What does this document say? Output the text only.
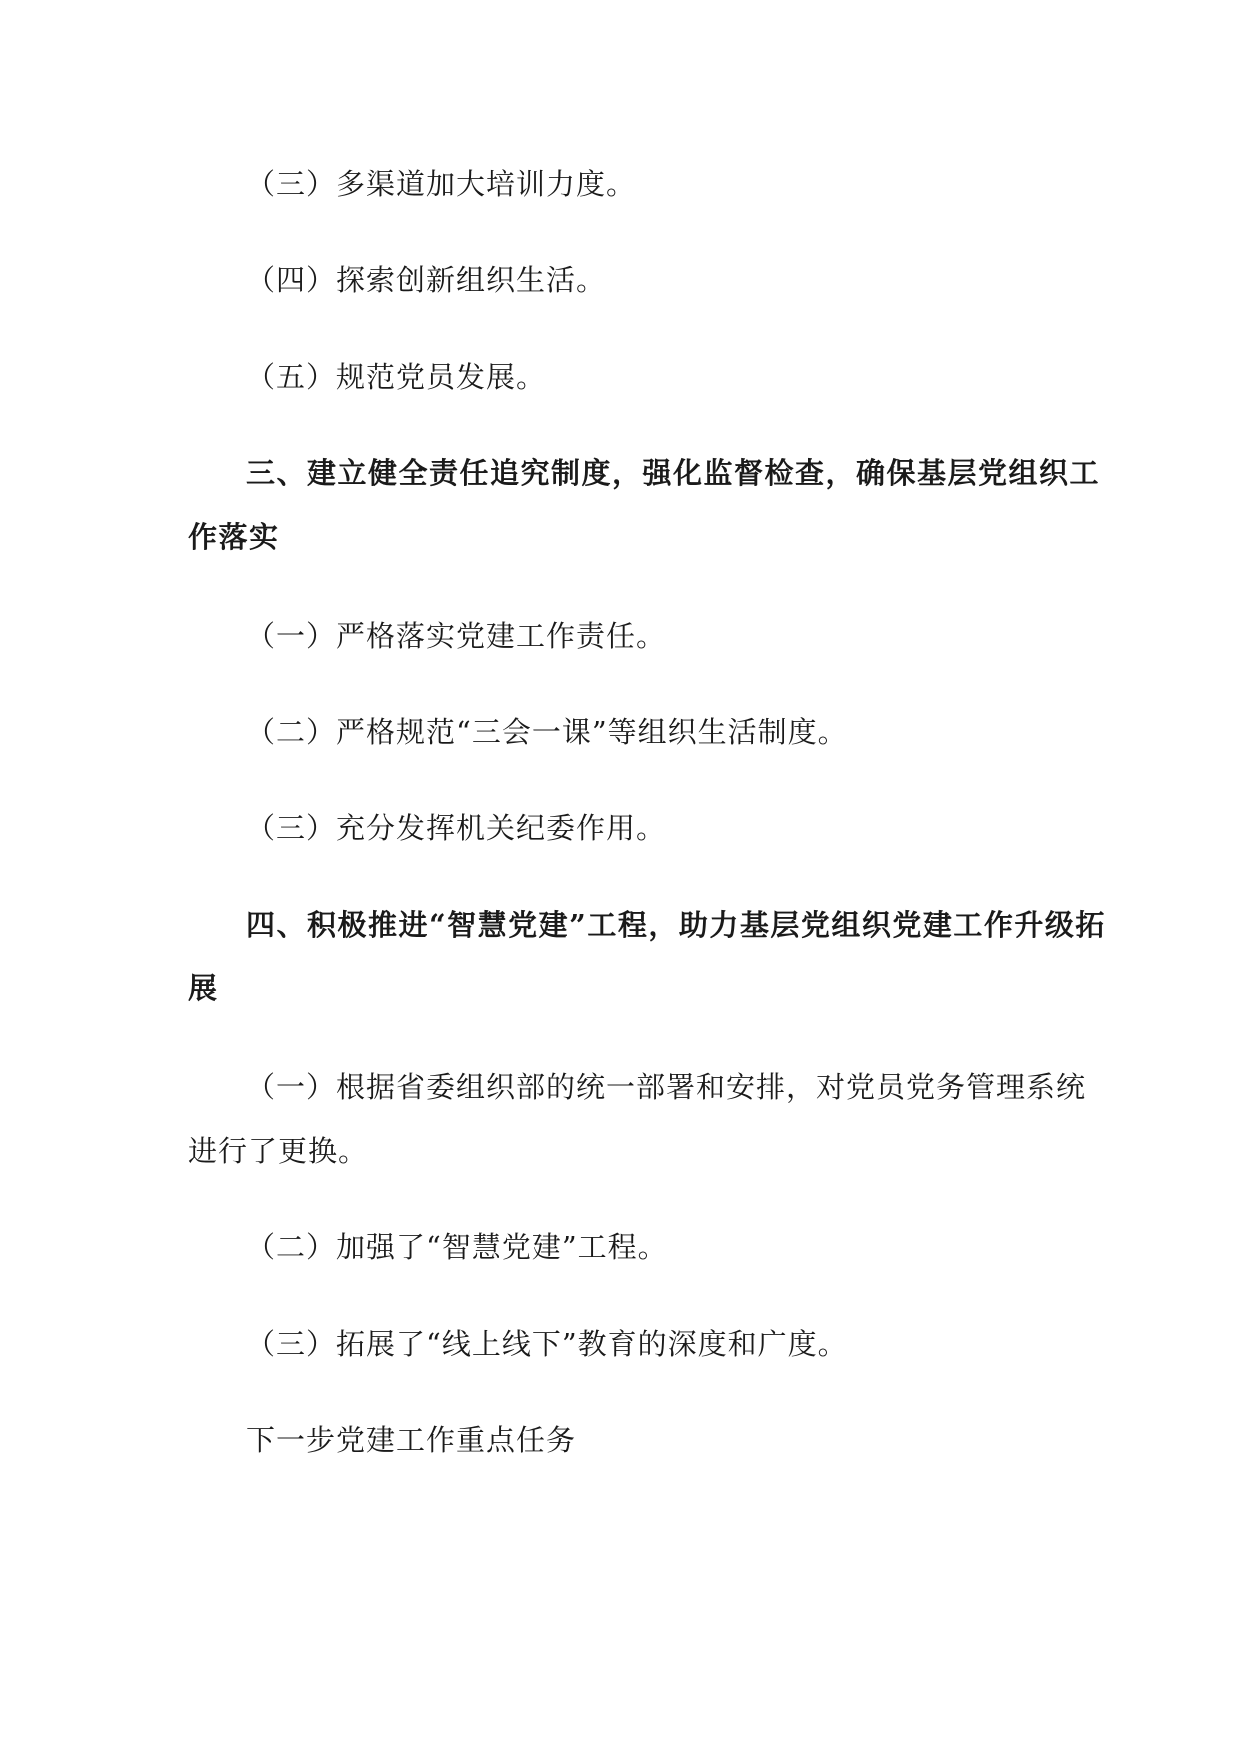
（三）多渠道加大培训力度。

（四）探索创新组织生活。

（五）规范党员发展。

三、建立健全责任追究制度，强化监督检查，确保基层党组织工

作落实

（一）严格落实党建工作责任。

（二）严格规范“三会一课”等组织生活制度。

（三）充分发挥机关纪委作用。

四、积极推进“智慧党建”工程，助力基层党组织党建工作升级拓

展

（一）根据省委组织部的统一部署和安排，对党员党务管理系统

进行了更换。

（二）加强了“智慧党建”工程。

（三）拓展了“线上线下”教育的深度和广度。

下一步党建工作重点任务
